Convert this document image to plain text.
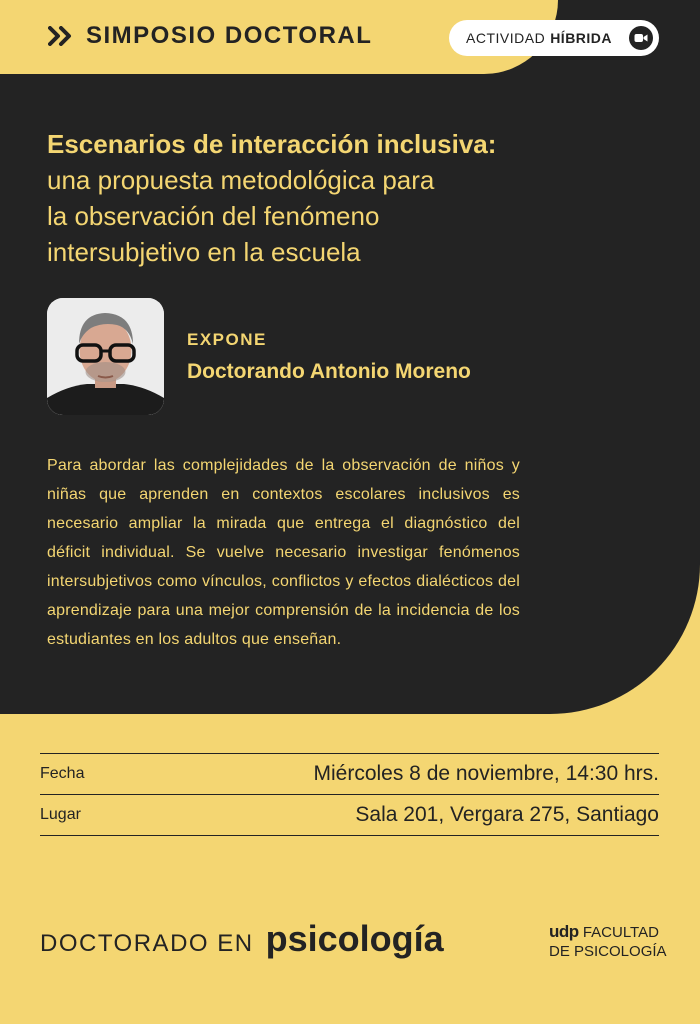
SIMPOSIO DOCTORAL	ACTIVIDAD HÍBRIDA
Escenarios de interacción inclusiva:
una propuesta metodológica para
la observación del fenómeno
intersubjetivo en la escuela
EXPONE
Doctorando Antonio Moreno

Para abordar las complejidades de la observación de niños y niñas que aprenden en contextos escolares inclusivos es necesario ampliar la mirada que entrega el diagnóstico del déficit individual. Se vuelve necesario investigar fenómenos intersubjetivos como vínculos, conflictos y efectos dialécticos del aprendizaje para una mejor comprensión de la incidencia de los estudiantes en los adultos que enseñan.

Fecha	Miércoles 8 de noviembre, 14:30 hrs.
Lugar	Sala 201, Vergara 275, Santiago
DOCTORADO EN psicología	udp FACULTAD
DE PSICOLOGÍA
